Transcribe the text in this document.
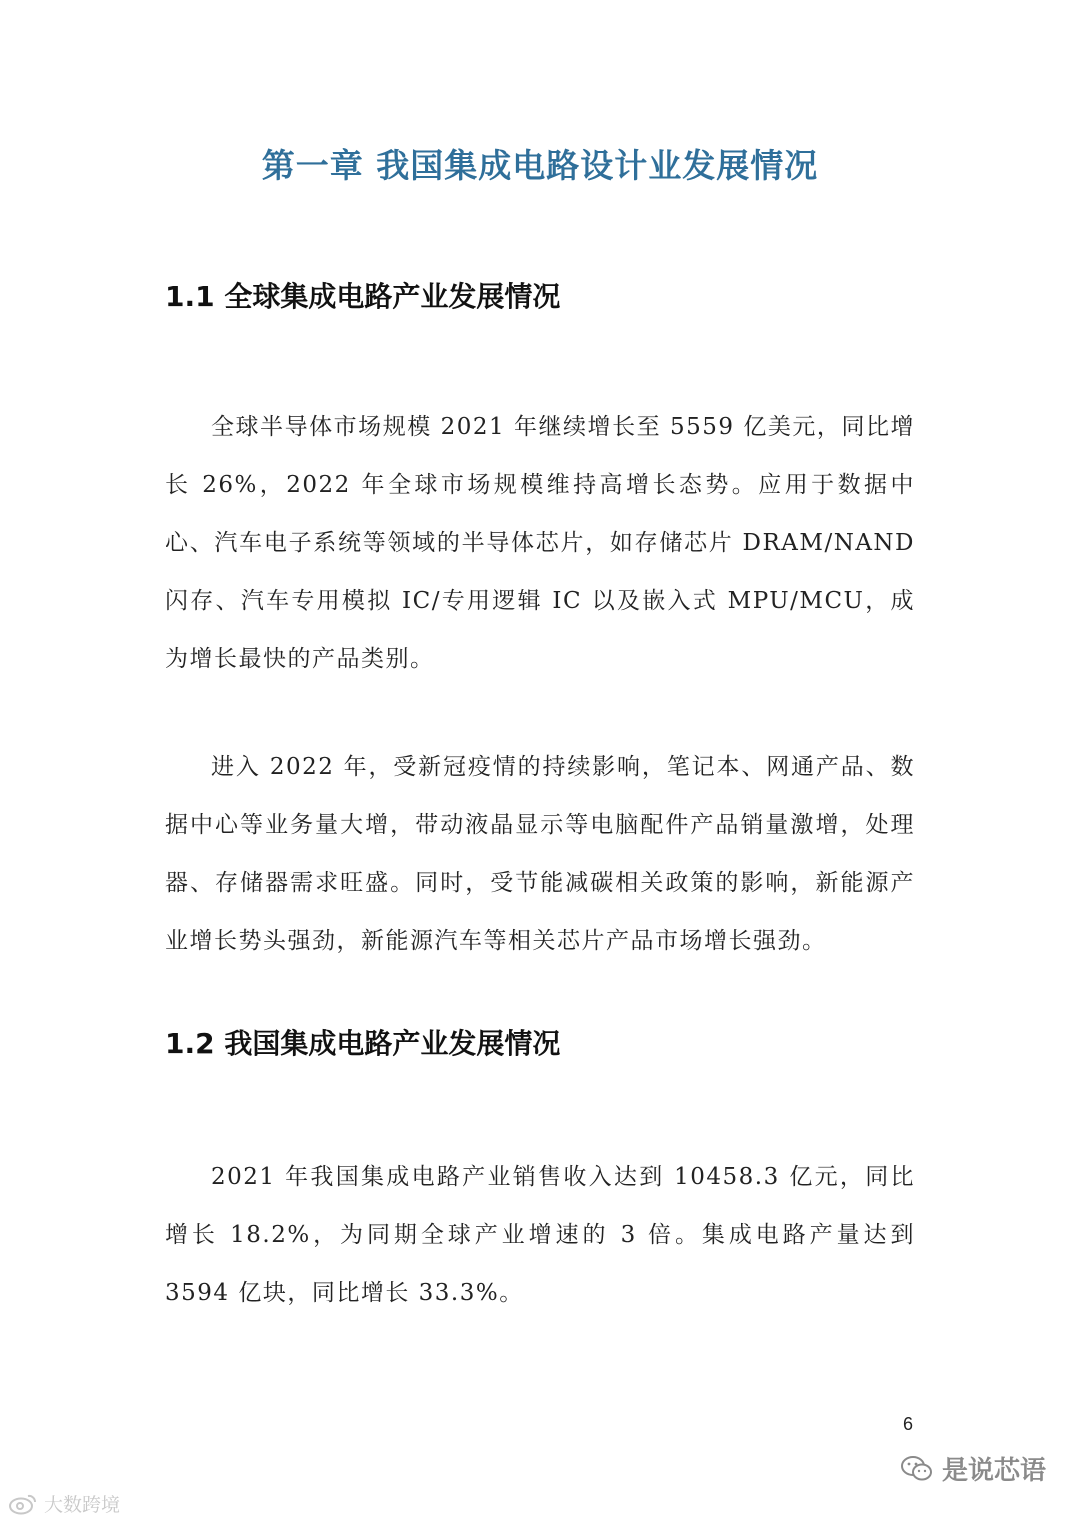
第一章 我国集成电路设计业发展情况
1.1 全球集成电路产业发展情况

全球半导体市场规模 2021 年继续增长至 5559 亿美元，同比增长 26%，2022 年全球市场规模维持高增长态势。应用于数据中心、汽车电子系统等领域的半导体芯片，如存储芯片 DRAM/NAND 闪存、汽车专用模拟 IC/专用逻辑 IC 以及嵌入式 MPU/MCU，成为增长最快的产品类别。

进入 2022 年，受新冠疫情的持续影响，笔记本、网通产品、数据中心等业务量大增，带动液晶显示等电脑配件产品销量激增，处理器、存储器需求旺盛。同时，受节能减碳相关政策的影响，新能源产业增长势头强劲，新能源汽车等相关芯片产品市场增长强劲。

1.2 我国集成电路产业发展情况

2021 年我国集成电路产业销售收入达到 10458.3 亿元，同比增长 18.2%，为同期全球产业增速的 3 倍。集成电路产量达到 3594 亿块，同比增长 33.3%。

6
大数跨境
是说芯语
